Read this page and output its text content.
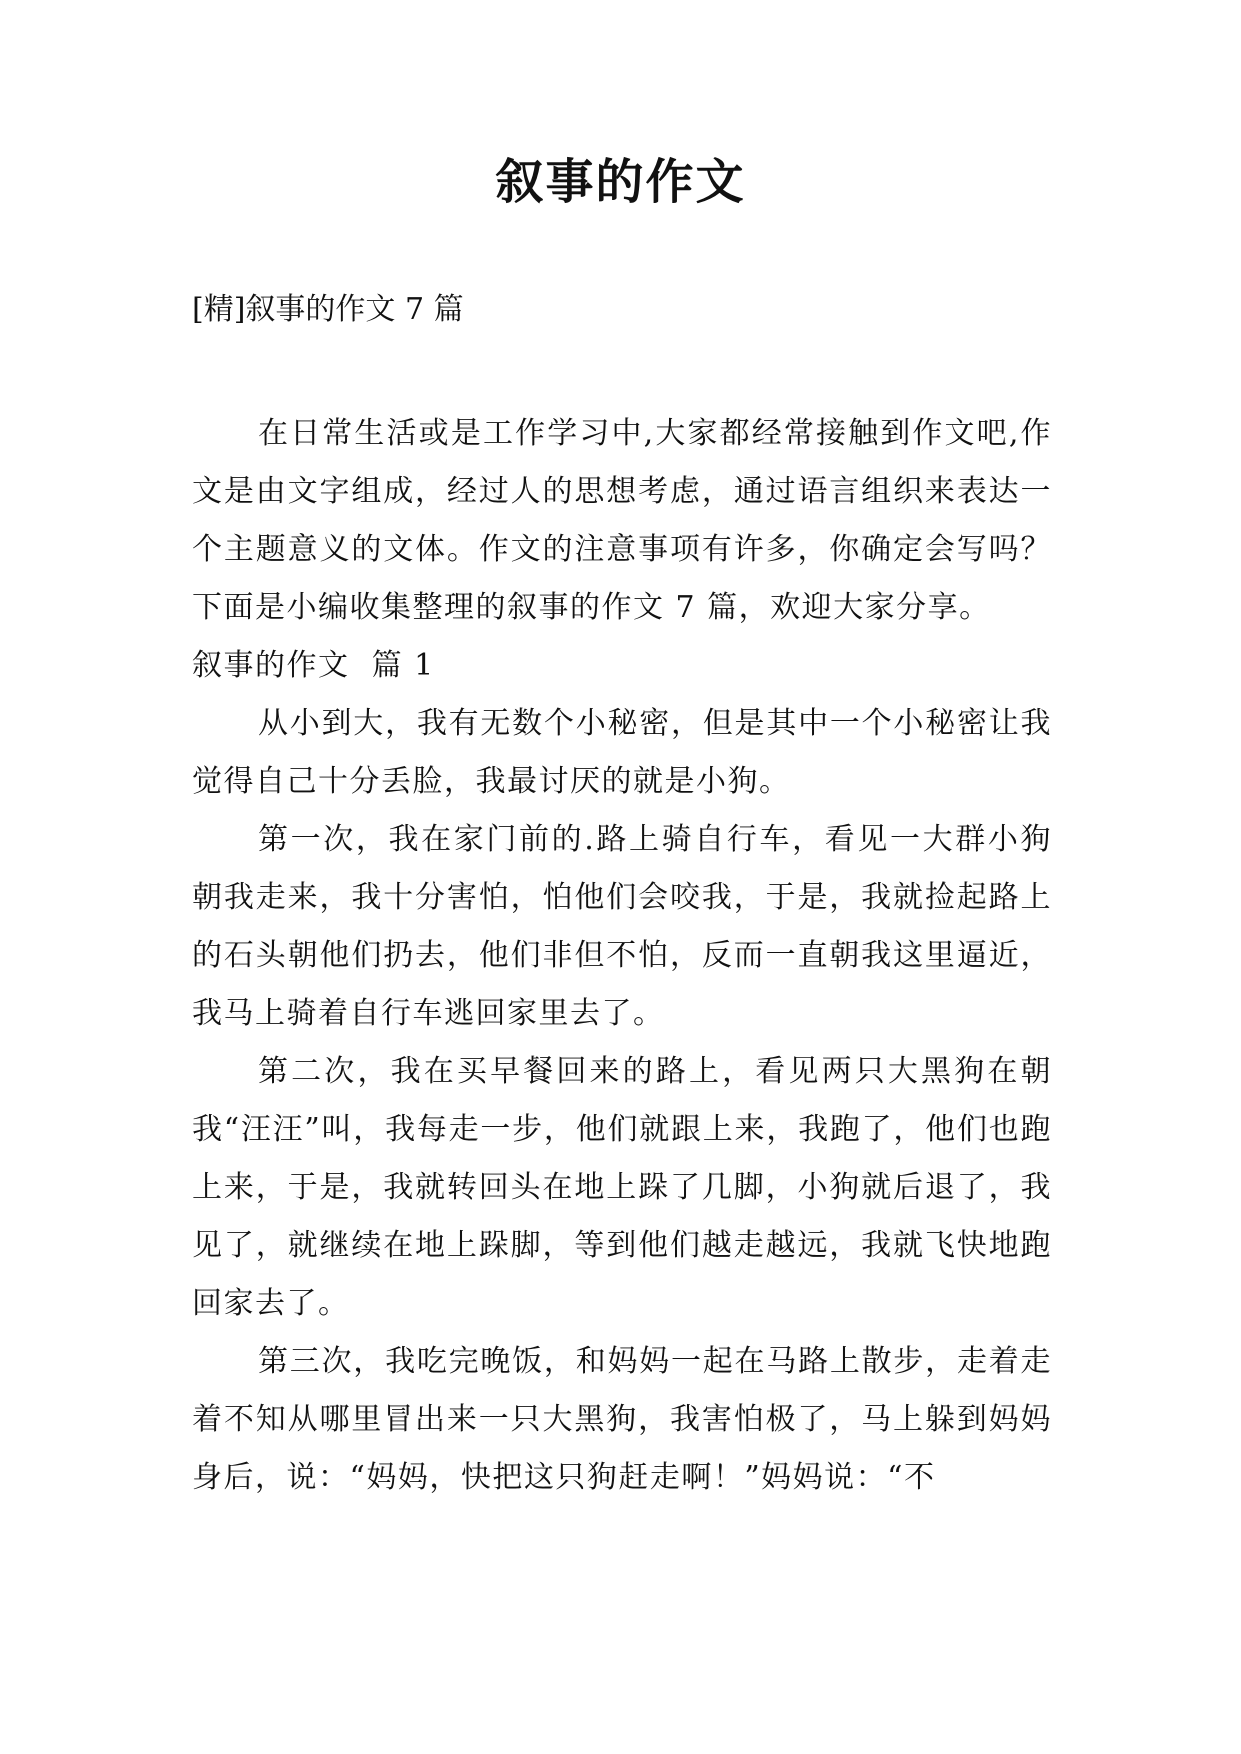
叙事的作文
[精]叙事的作文 7 篇

在日常生活或是工作学习中,大家都经常接触到作文吧,作文是由文字组成，经过人的思想考虑，通过语言组织来表达一个主题意义的文体。作文的注意事项有许多，你确定会写吗？下面是小编收集整理的叙事的作文 7 篇，欢迎大家分享。

叙事的作文  篇 1

从小到大，我有无数个小秘密，但是其中一个小秘密让我觉得自己十分丢脸，我最讨厌的就是小狗。

第一次，我在家门前的.路上骑自行车，看见一大群小狗朝我走来，我十分害怕，怕他们会咬我，于是，我就捡起路上的石头朝他们扔去，他们非但不怕，反而一直朝我这里逼近，我马上骑着自行车逃回家里去了。

第二次，我在买早餐回来的路上，看见两只大黑狗在朝我“汪汪”叫，我每走一步，他们就跟上来，我跑了，他们也跑上来，于是，我就转回头在地上跺了几脚，小狗就后退了，我见了，就继续在地上跺脚，等到他们越走越远，我就飞快地跑回家去了。

第三次，我吃完晚饭，和妈妈一起在马路上散步，走着走着不知从哪里冒出来一只大黑狗，我害怕极了，马上躲到妈妈身后，说：“妈妈，快把这只狗赶走啊！”妈妈说：“不
